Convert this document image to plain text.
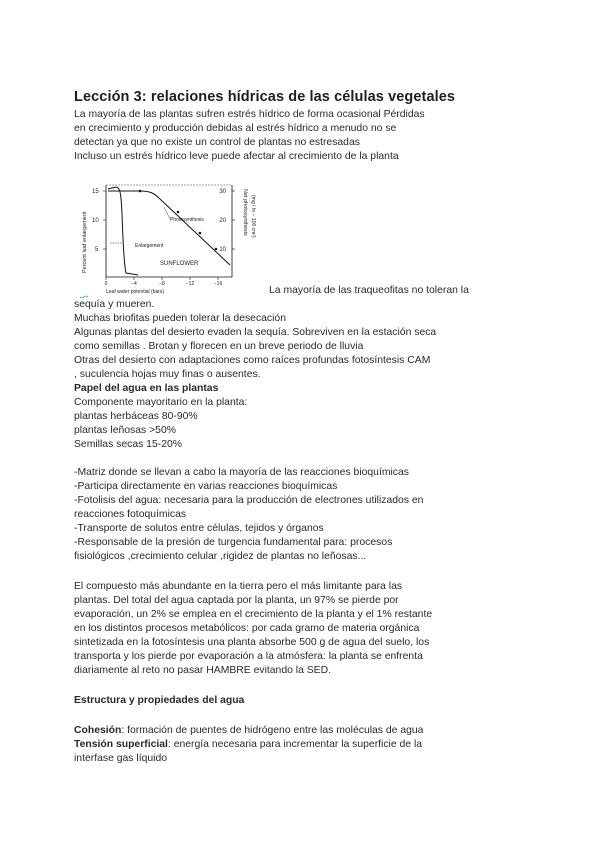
Lección 3: relaciones hídricas de las células vegetales
La mayoría de las plantas sufren estrés hídrico de forma ocasional Pérdidas
en crecimiento y producción debidas al estrés hídrico a menudo no se
detectan ya que no existe un control de plantas no estresadas
Incluso un estrés hídrico leve puede afectar al crecimiento de la planta
Percent leaf enlargement	Net photosynthesis (mg / hr − 100 cm²)
15
10
5
30
20
10
0	−4	−8	−12	−16
Leaf water potential (bars)
Photosynthesis
Enlargement
SUNFLOWER
La mayoría de las traqueofitas no toleran la
sequía y mueren.
Muchas briofitas pueden tolerar la desecación
Algunas plantas del desierto evaden la sequía. Sobreviven en la estación seca
como semillas . Brotan y florecen en un breve periodo de lluvia
Otras del desierto con adaptaciones como raíces profundas fotosíntesis CAM
, suculencia hojas muy finas o ausentes.
Papel del agua en las plantas
Componente mayoritario en la planta:
plantas herbáceas 80-90%
plantas leñosas >50%
Semillas secas 15-20%
-Matriz donde se llevan a cabo la mayoría de las reacciones bioquímicas
-Participa directamente en varias reacciones bioquímicas
-Fotolisis del agua: necesaria para la producción de electrones utilizados en
reacciones fotoquímicas
-Transporte de solutos entre células, tejidos y órganos
-Responsable de la presión de turgencia fundamental para: procesos
fisiológicos ,crecimiento celular ,rigidez de plantas no leñosas...
El compuesto más abundante en la tierra pero el más limitante para las
plantas. Del total del agua captada por la planta, un 97% se pierde por
evaporación, un 2% se emplea en el crecimiento de la planta y el 1% restante
en los distintos procesos metabólicos: por cada gramo de materia orgánica
sintetizada en la fotosíntesis una planta absorbe 500 g de agua del suelo, los
transporta y los pierde por evaporación a la atmósfera: la planta se enfrenta
diariamente al reto no pasar HAMBRE evitando la SED.
Estructura y propiedades del agua
Cohesión: formación de puentes de hidrógeno entre las moléculas de agua
Tensión superficial: energía necesaria para incrementar la superficie de la
interfase gas líquido
